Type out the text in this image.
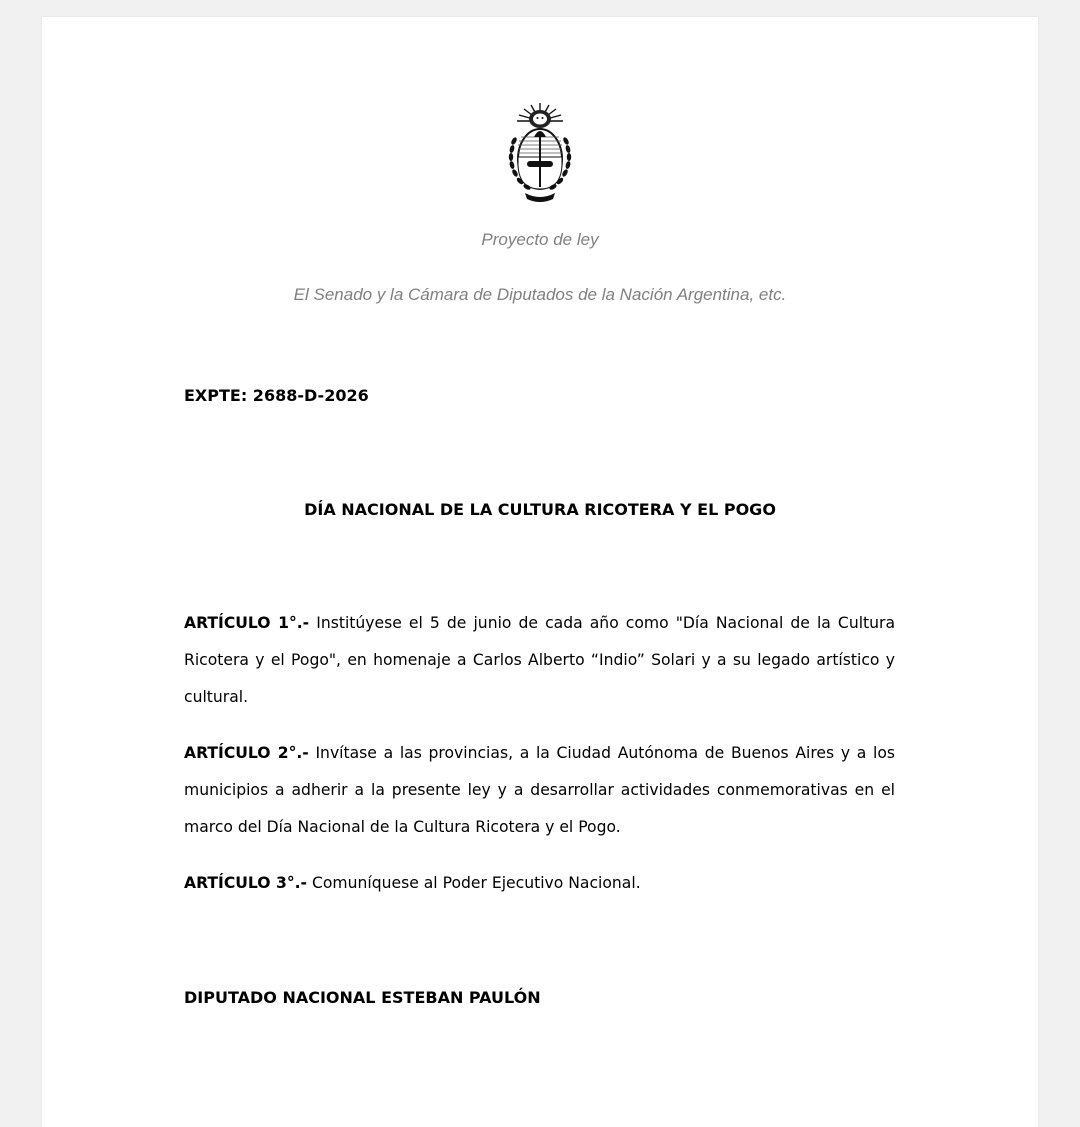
Proyecto de ley
El Senado y la Cámara de Diputados de la Nación Argentina, etc.
EXPTE: 2688-D-2026
DÍA NACIONAL DE LA CULTURA RICOTERA Y EL POGO

ARTÍCULO 1°.- Institúyese el 5 de junio de cada año como "Día Nacional de la Cultura Ricotera y el Pogo", en homenaje a Carlos Alberto “Indio” Solari y a su legado artístico y cultural.

ARTÍCULO 2°.- Invítase a las provincias, a la Ciudad Autónoma de Buenos Aires y a los municipios a adherir a la presente ley y a desarrollar actividades conmemorativas en el marco del Día Nacional de la Cultura Ricotera y el Pogo.

ARTÍCULO 3°.- Comuníquese al Poder Ejecutivo Nacional.

DIPUTADO NACIONAL ESTEBAN PAULÓN
